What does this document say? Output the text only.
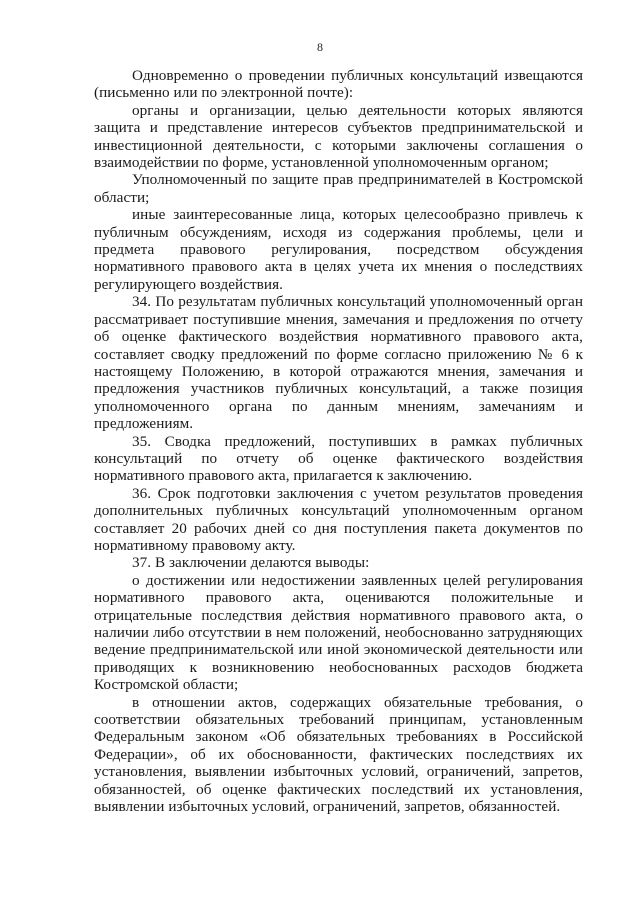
8

Одновременно о проведении публичных консультаций извещаются (письменно или по электронной почте):

органы и организации, целью деятельности которых являются защита и представление интересов субъектов предпринимательской и инвестиционной деятельности, с которыми заключены соглашения о взаимодействии по форме, установленной уполномоченным органом;

Уполномоченный по защите прав предпринимателей в Костромской области;

иные заинтересованные лица, которых целесообразно привлечь к публичным обсуждениям, исходя из содержания проблемы, цели и предмета правового регулирования, посредством обсуждения нормативного правового акта в целях учета их мнения о последствиях регулирующего воздействия.

34. По результатам публичных консультаций уполномоченный орган рассматривает поступившие мнения, замечания и предложения по отчету об оценке фактического воздействия нормативного правового акта, составляет сводку предложений по форме согласно приложению № 6 к настоящему Положению, в которой отражаются мнения, замечания и предложения участников публичных консультаций, а также позиция уполномоченного органа по данным мнениям, замечаниям и предложениям.

35. Сводка предложений, поступивших в рамках публичных консультаций по отчету об оценке фактического воздействия нормативного правового акта, прилагается к заключению.

36. Срок подготовки заключения с учетом результатов проведения дополнительных публичных консультаций уполномоченным органом составляет 20 рабочих дней со дня поступления пакета документов по нормативному правовому акту.

37. В заключении делаются выводы:

о достижении или недостижении заявленных целей регулирования нормативного правового акта, оцениваются положительные и отрицательные последствия действия нормативного правового акта, о наличии либо отсутствии в нем положений, необоснованно затрудняющих ведение предпринимательской или иной экономической деятельности или приводящих к возникновению необоснованных расходов бюджета Костромской области;

в отношении актов, содержащих обязательные требования, о соответствии обязательных требований принципам, установленным Федеральным законом «Об обязательных требованиях в Российской Федерации», об их обоснованности, фактических последствиях их установления, выявлении избыточных условий, ограничений, запретов, обязанностей, об оценке фактических последствий их установления, выявлении избыточных условий, ограничений, запретов, обязанностей.
